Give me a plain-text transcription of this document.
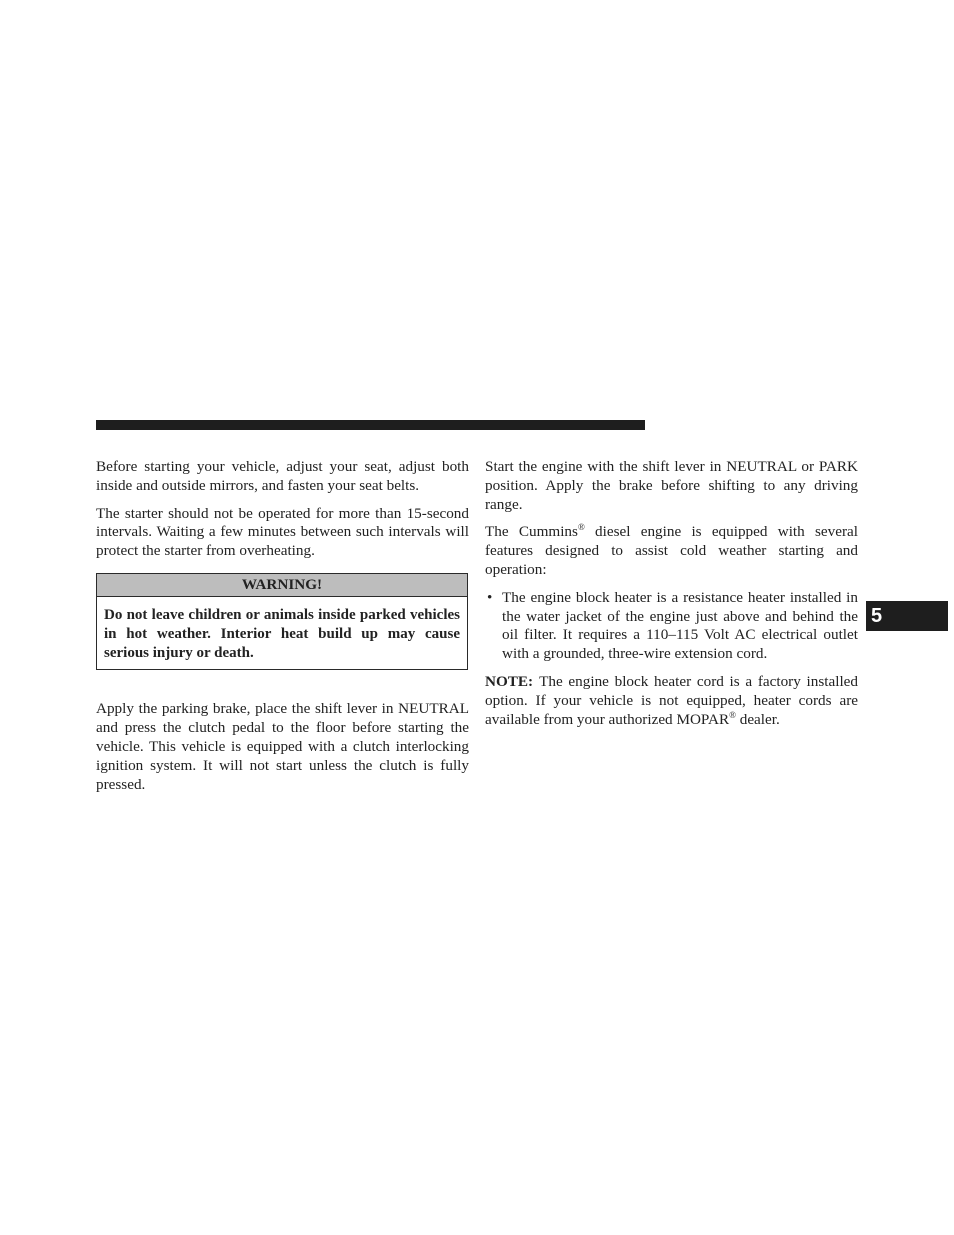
Before starting your vehicle, adjust your seat, adjust both inside and outside mirrors, and fasten your seat belts.

The starter should not be operated for more than 15-second intervals. Waiting a few minutes between such intervals will protect the starter from overheating.

WARNING!
Do not leave children or animals inside parked vehicles in hot weather. Interior heat build up may cause serious injury or death.

Apply the parking brake, place the shift lever in NEUTRAL and press the clutch pedal to the floor before starting the vehicle. This vehicle is equipped with a clutch interlocking ignition system. It will not start unless the clutch is fully pressed.

Start the engine with the shift lever in NEUTRAL or PARK position. Apply the brake before shifting to any driving range.

The Cummins® diesel engine is equipped with several features designed to assist cold weather starting and operation:

• The engine block heater is a resistance heater installed in the water jacket of the engine just above and behind the oil filter. It requires a 110–115 Volt AC electrical outlet with a grounded, three-wire extension cord.

NOTE: The engine block heater cord is a factory installed option. If your vehicle is not equipped, heater cords are available from your authorized MOPAR® dealer.

5
